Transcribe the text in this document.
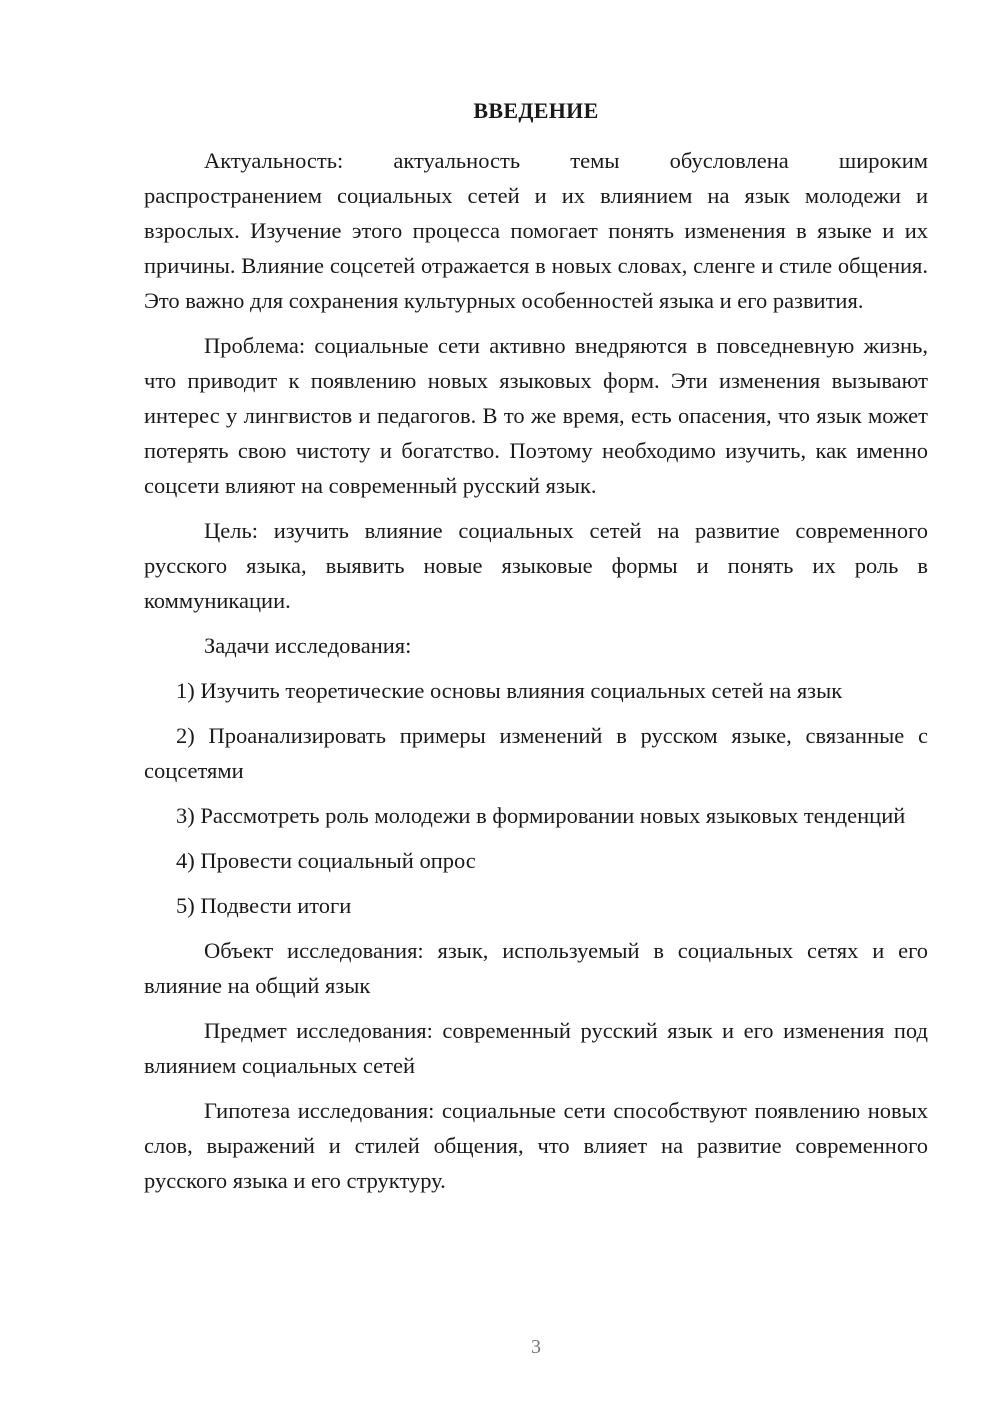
ВВЕДЕНИЕ

Актуальность: актуальность темы обусловлена широким распространением социальных сетей и их влиянием на язык молодежи и взрослых. Изучение этого процесса помогает понять изменения в языке и их причины. Влияние соцсетей отражается в новых словах, сленге и стиле общения. Это важно для сохранения культурных особенностей языка и его развития.

Проблема: социальные сети активно внедряются в повседневную жизнь, что приводит к появлению новых языковых форм. Эти изменения вызывают интерес у лингвистов и педагогов. В то же время, есть опасения, что язык может потерять свою чистоту и богатство. Поэтому необходимо изучить, как именно соцсети влияют на современный русский язык.

Цель: изучить влияние социальных сетей на развитие современного русского языка, выявить новые языковые формы и понять их роль в коммуникации.

Задачи исследования:

1) Изучить теоретические основы влияния социальных сетей на язык

2) Проанализировать примеры изменений в русском языке, связанные с соцсетями

3) Рассмотреть роль молодежи в формировании новых языковых тенденций

4) Провести социальный опрос

5) Подвести итоги

Объект исследования: язык, используемый в социальных сетях и его влияние на общий язык

Предмет исследования: современный русский язык и его изменения под влиянием социальных сетей

Гипотеза исследования: социальные сети способствуют появлению новых слов, выражений и стилей общения, что влияет на развитие современного русского языка и его структуру.

3
